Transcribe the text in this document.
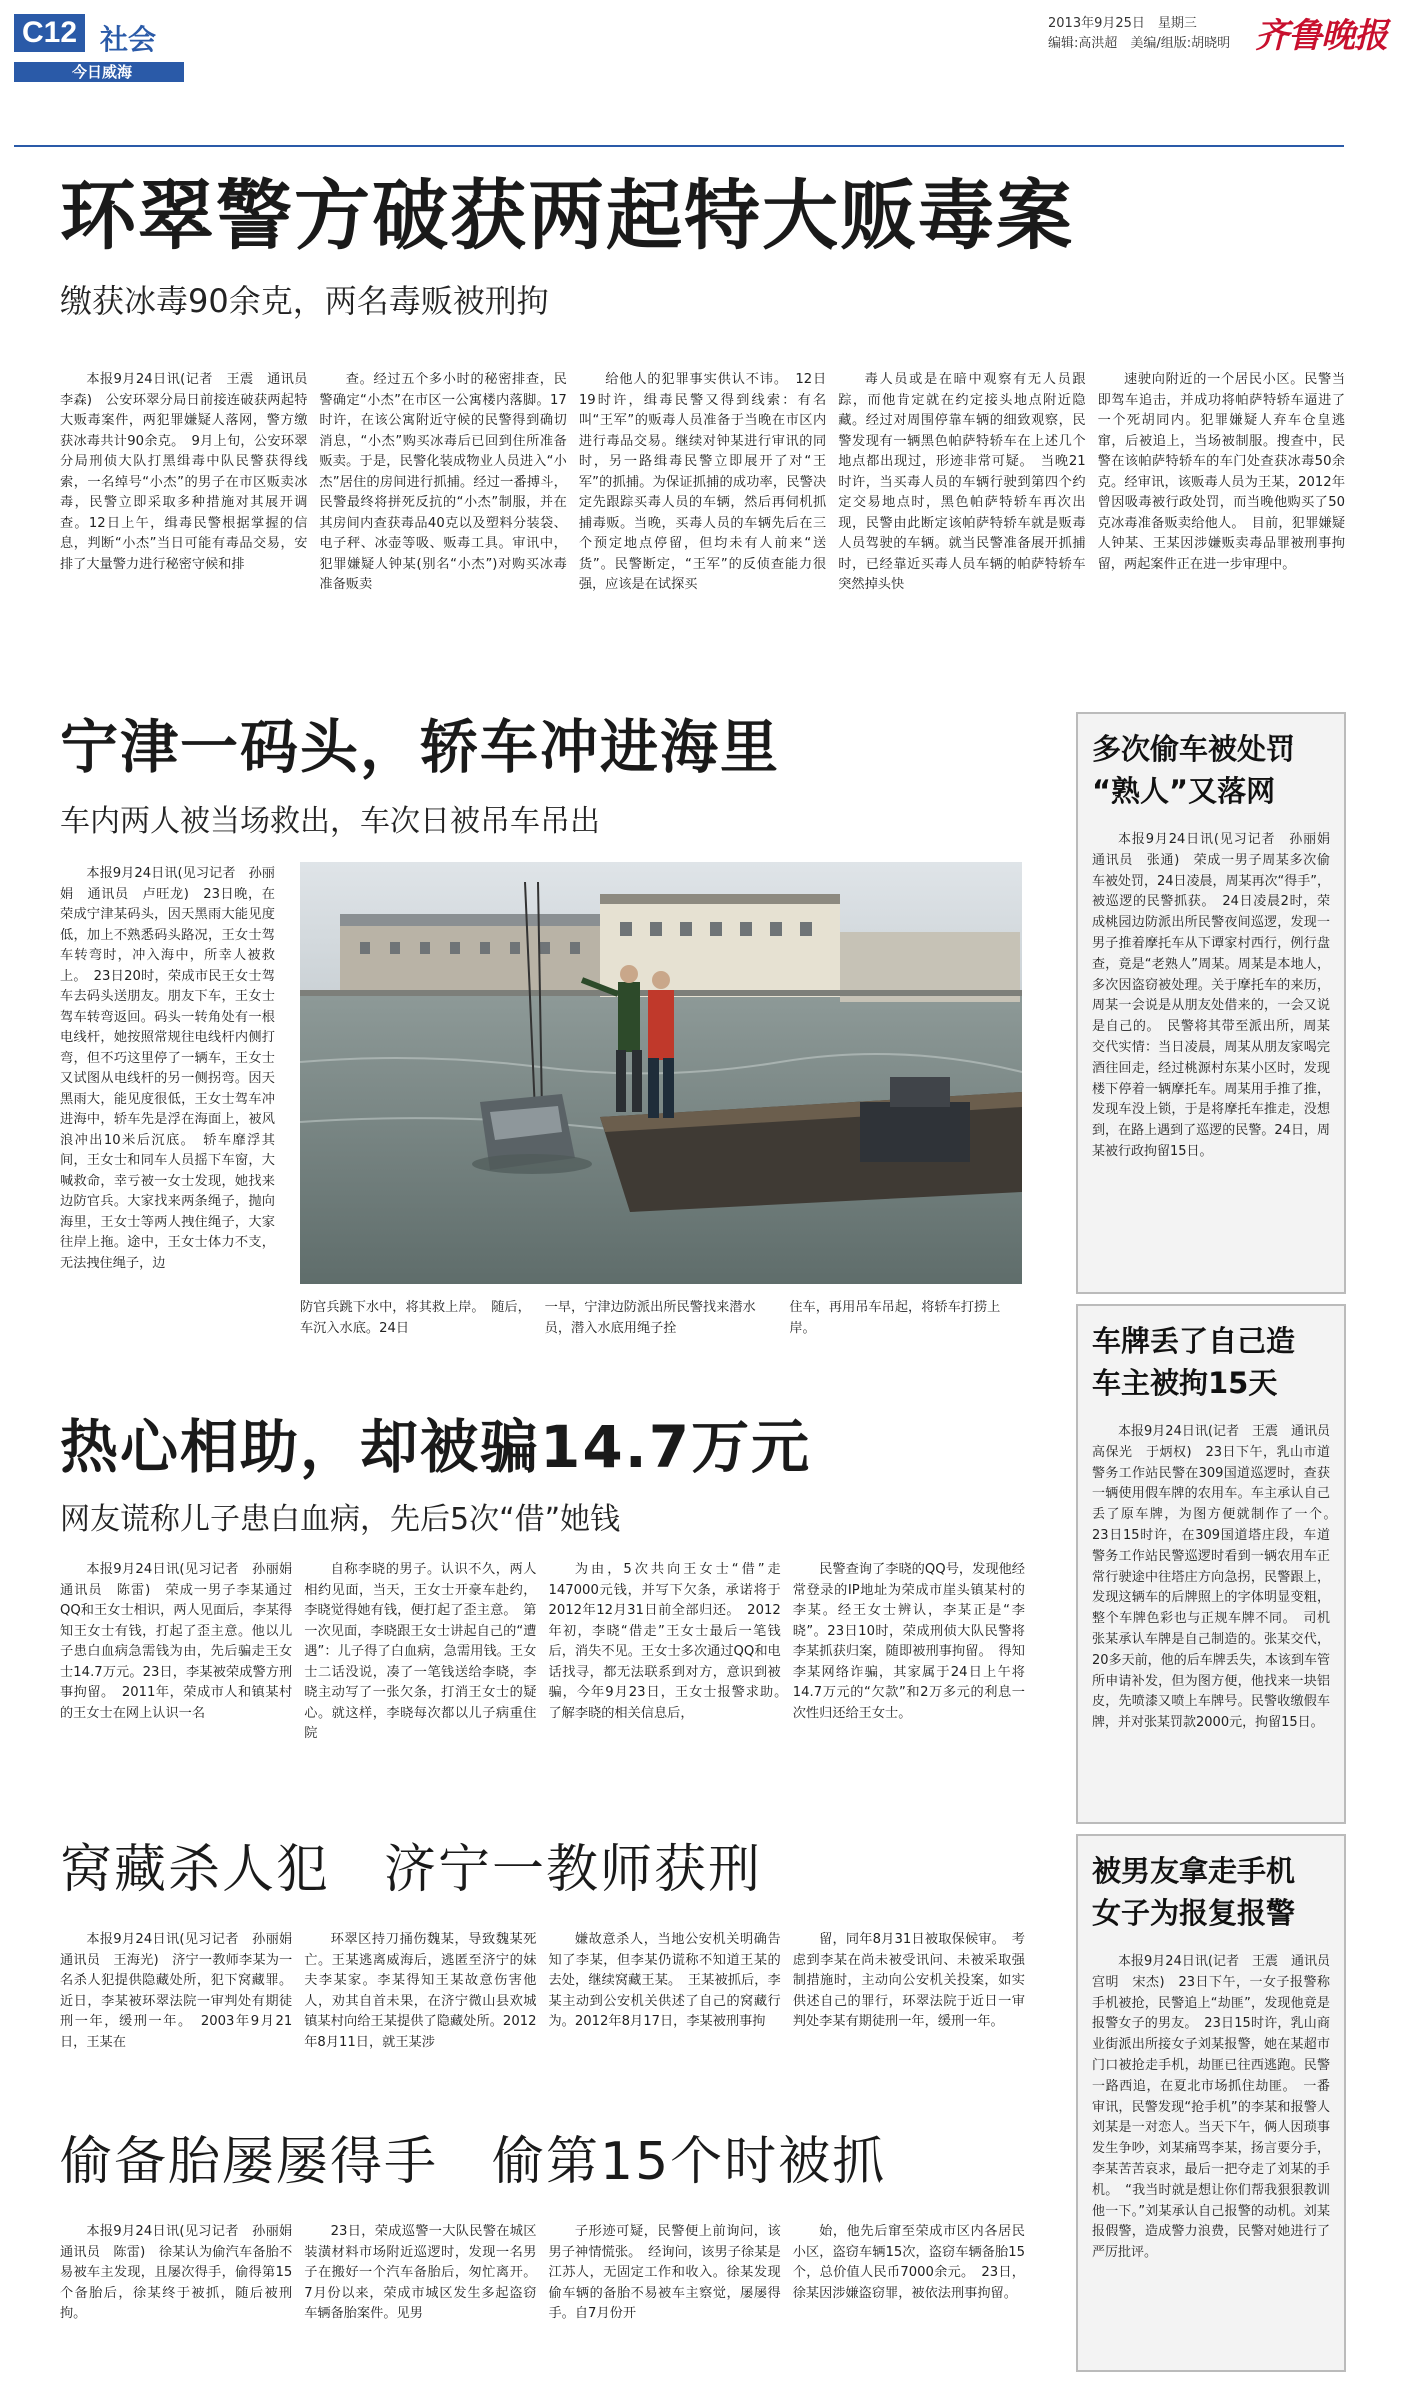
C12 社会
今日威海
2013年9月25日　星期三
编辑:高洪超　美编/组版:胡晓明 齐鲁晚报
环翠警方破获两起特大贩毒案
缴获冰毒90余克，两名毒贩被刑拘

本报9月24日讯(记者　王震　通讯员　李森)　公安环翠分局日前接连破获两起特大贩毒案件，两犯罪嫌疑人落网，警方缴获冰毒共计90余克。　9月上旬，公安环翠分局刑侦大队打黑缉毒中队民警获得线索，一名绰号“小杰”的男子在市区贩卖冰毒，民警立即采取多种措施对其展开调查。12日上午，缉毒民警根据掌握的信息，判断“小杰”当日可能有毒品交易，安排了大量警力进行秘密守候和排

查。经过五个多小时的秘密排查，民警确定“小杰”在市区一公寓楼内落脚。17时许，在该公寓附近守候的民警得到确切消息，“小杰”购买冰毒后已回到住所准备贩卖。于是，民警化装成物业人员进入“小杰”居住的房间进行抓捕。经过一番搏斗，民警最终将拼死反抗的“小杰”制服，并在其房间内查获毒品40克以及塑料分装袋、电子秤、冰壶等吸、贩毒工具。审讯中，犯罪嫌疑人钟某(别名“小杰”)对购买冰毒准备贩卖

给他人的犯罪事实供认不讳。　12日19时许，缉毒民警又得到线索：有名叫“王军”的贩毒人员准备于当晚在市区内进行毒品交易。继续对钟某进行审讯的同时，另一路缉毒民警立即展开了对“王军”的抓捕。为保证抓捕的成功率，民警决定先跟踪买毒人员的车辆，然后再伺机抓捕毒贩。当晚，买毒人员的车辆先后在三个预定地点停留，但均未有人前来“送货”。民警断定，“王军”的反侦查能力很强，应该是在试探买

毒人员或是在暗中观察有无人员跟踪，而他肯定就在约定接头地点附近隐藏。经过对周围停靠车辆的细致观察，民警发现有一辆黑色帕萨特轿车在上述几个地点都出现过，形迹非常可疑。　当晚21时许，当买毒人员的车辆行驶到第四个约定交易地点时，黑色帕萨特轿车再次出现，民警由此断定该帕萨特轿车就是贩毒人员驾驶的车辆。就当民警准备展开抓捕时，已经靠近买毒人员车辆的帕萨特轿车突然掉头快

速驶向附近的一个居民小区。民警当即驾车追击，并成功将帕萨特轿车逼进了一个死胡同内。犯罪嫌疑人弃车仓皇逃窜，后被追上，当场被制服。搜查中，民警在该帕萨特轿车的车门处查获冰毒50余克。经审讯，该贩毒人员为王某，2012年曾因吸毒被行政处罚，而当晚他购买了50克冰毒准备贩卖给他人。　目前，犯罪嫌疑人钟某、王某因涉嫌贩卖毒品罪被刑事拘留，两起案件正在进一步审理中。

宁津一码头，轿车冲进海里
车内两人被当场救出，车次日被吊车吊出

本报9月24日讯(见习记者　孙丽娟　通讯员　卢旺龙)　23日晚，在荣成宁津某码头，因天黑雨大能见度低，加上不熟悉码头路况，王女士驾车转弯时，冲入海中，所幸人被救上。　23日20时，荣成市民王女士驾车去码头送朋友。朋友下车，王女士驾车转弯返回。码头一转角处有一根电线杆，她按照常规往电线杆内侧打弯，但不巧这里停了一辆车，王女士又试图从电线杆的另一侧拐弯。因天黑雨大，能见度很低，王女士驾车冲进海中，轿车先是浮在海面上，被风浪冲出10米后沉底。　轿车靡浮其间，王女士和同车人员摇下车窗，大喊救命，幸亏被一女士发现，她找来边防官兵。大家找来两条绳子，抛向海里，王女士等两人拽住绳子，大家往岸上拖。途中，王女士体力不支，无法拽住绳子，边

防官兵跳下水中，将其救上岸。　随后，车沉入水底。24日
一早，宁津边防派出所民警找来潜水员，潜入水底用绳子拴
住车，再用吊车吊起，将轿车打捞上岸。
热心相助，却被骗14.7万元
网友谎称儿子患白血病，先后5次“借”她钱

本报9月24日讯(见习记者　孙丽娟　通讯员　陈雷)　荣成一男子李某通过QQ和王女士相识，两人见面后，李某得知王女士有钱，打起了歪主意。他以儿子患白血病急需钱为由，先后骗走王女士14.7万元。23日，李某被荣成警方刑事拘留。　2011年，荣成市人和镇某村的王女士在网上认识一名

自称李晓的男子。认识不久，两人相约见面，当天，王女士开豪车赴约，李晓觉得她有钱，便打起了歪主意。　第一次见面，李晓跟王女士讲起自己的“遭遇”：儿子得了白血病，急需用钱。王女士二话没说，凑了一笔钱送给李晓，李晓主动写了一张欠条，打消王女士的疑心。就这样，李晓每次都以儿子病重住院

为由，5次共向王女士“借”走147000元钱，并写下欠条，承诺将于2012年12月31日前全部归还。　2012年初，李晓“借走”王女士最后一笔钱后，消失不见。王女士多次通过QQ和电话找寻，都无法联系到对方，意识到被骗，今年9月23日，王女士报警求助。　了解李晓的相关信息后，

民警查询了李晓的QQ号，发现他经常登录的IP地址为荣成市崖头镇某村的李某。经王女士辨认，李某正是“李晓”。23日10时，荣成刑侦大队民警将李某抓获归案，随即被刑事拘留。　得知李某网络诈骗，其家属于24日上午将14.7万元的“欠款”和2万多元的利息一次性归还给王女士。

窝藏杀人犯　济宁一教师获刑

本报9月24日讯(见习记者　孙丽娟　通讯员　王海光)　济宁一教师李某为一名杀人犯提供隐藏处所，犯下窝藏罪。近日，李某被环翠法院一审判处有期徒刑一年，缓刑一年。　2003年9月21日，王某在

环翠区持刀捅伤魏某，导致魏某死亡。王某逃离威海后，逃匿至济宁的妹夫李某家。李某得知王某故意伤害他人，劝其自首未果，在济宁微山县欢城镇某村向给王某提供了隐藏处所。2012年8月11日，就王某涉

嫌故意杀人，当地公安机关明确告知了李某，但李某仍谎称不知道王某的去处，继续窝藏王某。　王某被抓后，李某主动到公安机关供述了自己的窝藏行为。2012年8月17日，李某被刑事拘

留，同年8月31日被取保候审。　考虑到李某在尚未被受讯问、未被采取强制措施时，主动向公安机关投案，如实供述自己的罪行，环翠法院于近日一审判处李某有期徒刑一年，缓刑一年。

偷备胎屡屡得手　偷第15个时被抓

本报9月24日讯(见习记者　孙丽娟　通讯员　陈雷)　徐某认为偷汽车备胎不易被车主发现，且屡次得手，偷得第15个备胎后，徐某终于被抓，随后被刑拘。

23日，荣成巡警一大队民警在城区装潢材料市场附近巡逻时，发现一名男子在搬好一个汽车备胎后，匆忙离开。7月份以来，荣成市城区发生多起盗窃车辆备胎案件。见男

子形迹可疑，民警便上前询问，该男子神情慌张。　经询问，该男子徐某是江苏人，无固定工作和收入。徐某发现偷车辆的备胎不易被车主察觉，屡屡得手。自7月份开

始，他先后窜至荣成市区内各居民小区，盗窃车辆15次，盗窃车辆备胎15个，总价值人民币7000余元。　23日，徐某因涉嫌盗窃罪，被依法刑事拘留。

多次偷车被处罚
“熟人”又落网

本报9月24日讯(见习记者　孙丽娟　通讯员　张通)　荣成一男子周某多次偷车被处罚，24日凌晨，周某再次“得手”，被巡逻的民警抓获。　24日凌晨2时，荣成桃园边防派出所民警夜间巡逻，发现一男子推着摩托车从下谭家村西行，例行盘查，竟是“老熟人”周某。周某是本地人，多次因盗窃被处理。关于摩托车的来历，周某一会说是从朋友处借来的，一会又说是自己的。　民警将其带至派出所，周某交代实情：当日凌晨，周某从朋友家喝完酒往回走，经过桃源村东某小区时，发现楼下停着一辆摩托车。周某用手推了推，发现车没上锁，于是将摩托车推走，没想到，在路上遇到了巡逻的民警。24日，周某被行政拘留15日。

车牌丢了自己造
车主被拘15天

本报9月24日讯(记者　王震　通讯员　高保光　于炳权)　23日下午，乳山市道警务工作站民警在309国道巡逻时，查获一辆使用假车牌的农用车。车主承认自己丢了原车牌，为图方便就制作了一个。　23日15时许，在309国道塔庄段，车道警务工作站民警巡逻时看到一辆农用车正常行驶途中往塔庄方向急拐，民警跟上，发现这辆车的后牌照上的字体明显变粗，整个车牌色彩也与正规车牌不同。　司机张某承认车牌是自己制造的。张某交代，20多天前，他的后车牌丢失，本该到车管所申请补发，但为图方便，他找来一块铝皮，先喷漆又喷上车牌号。民警收缴假车牌，并对张某罚款2000元，拘留15日。

被男友拿走手机
女子为报复报警

本报9月24日讯(记者　王震　通讯员　宫明　宋杰)　23日下午，一女子报警称手机被抢，民警追上“劫匪”，发现他竟是报警女子的男友。　23日15时许，乳山商业街派出所接女子刘某报警，她在某超市门口被抢走手机，劫匪已往西逃跑。民警一路西追，在夏北市场抓住劫匪。　一番审讯，民警发现“抢手机”的李某和报警人刘某是一对恋人。当天下午，俩人因琐事发生争吵，刘某痛骂李某，扬言要分手，李某苦苦哀求，最后一把夺走了刘某的手机。　“我当时就是想让你们帮我狠狠教训他一下。”刘某承认自己报警的动机。刘某报假警，造成警力浪费，民警对她进行了严厉批评。
